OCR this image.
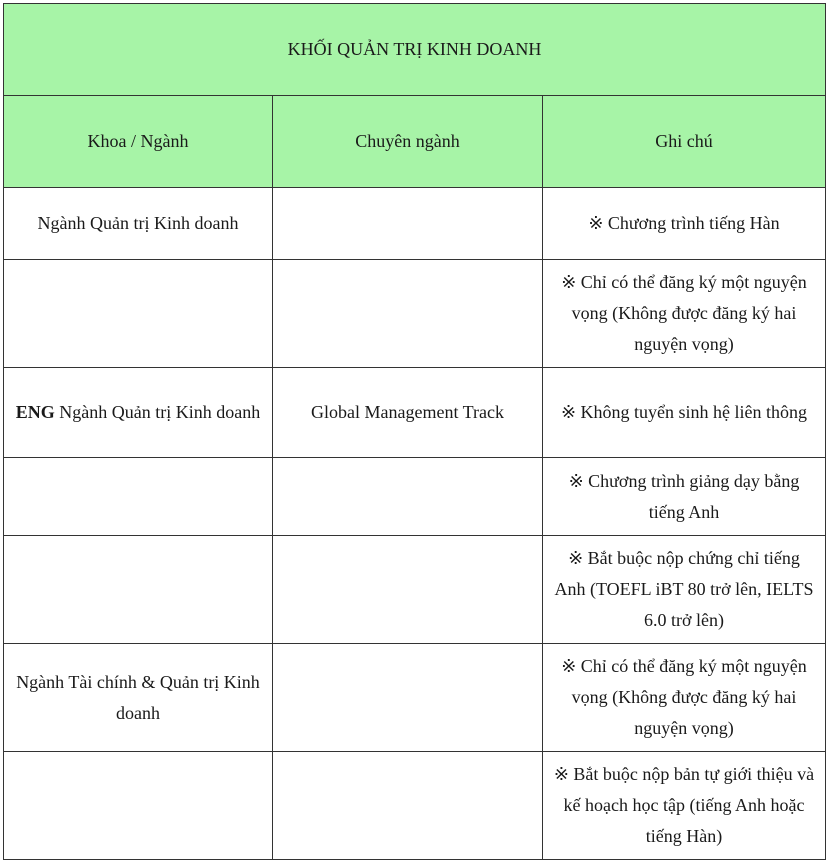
KHỐI QUẢN TRỊ KINH DOANH		
Khoa / Ngành	Chuyên ngành	Ghi chú
Ngành Quản trị Kinh doanh		※ Chương trình tiếng Hàn
		※ Chỉ có thể đăng ký một nguyện vọng (Không được đăng ký hai nguyện vọng)
ENG Ngành Quản trị Kinh doanh	Global Management Track	※ Không tuyển sinh hệ liên thông
		※ Chương trình giảng dạy bằng tiếng Anh
		※ Bắt buộc nộp chứng chỉ tiếng Anh (TOEFL iBT 80 trở lên, IELTS 6.0 trở lên)
Ngành Tài chính & Quản trị Kinh doanh		※ Chỉ có thể đăng ký một nguyện vọng (Không được đăng ký hai nguyện vọng)
		※ Bắt buộc nộp bản tự giới thiệu và kế hoạch học tập (tiếng Anh hoặc tiếng Hàn)
